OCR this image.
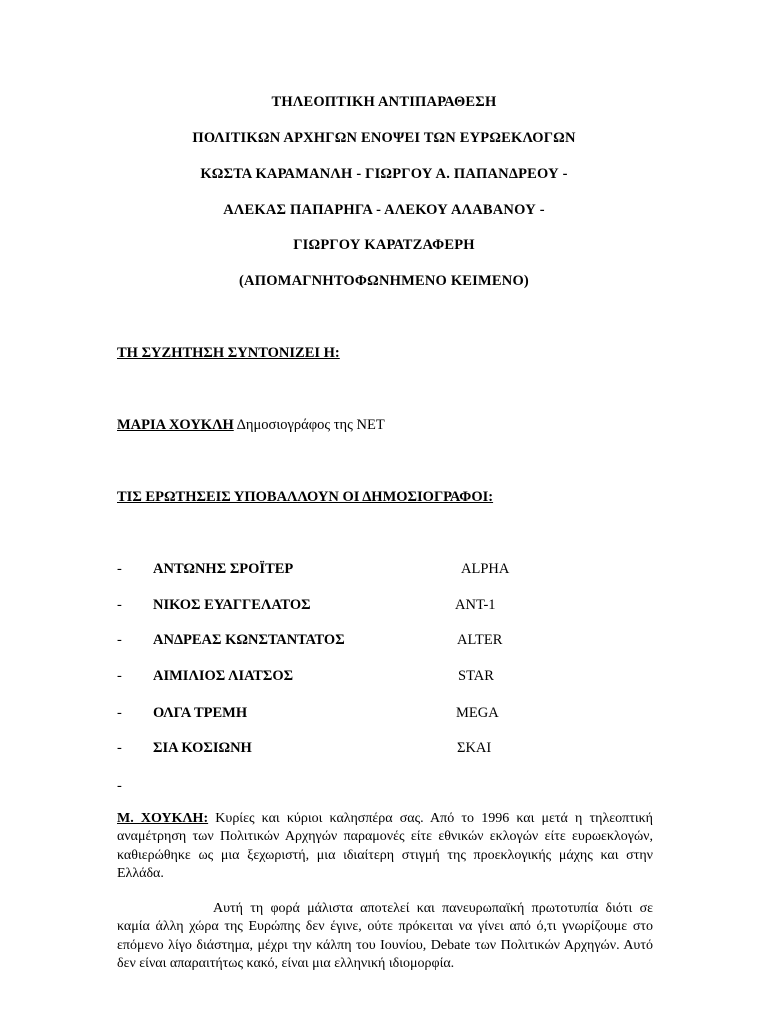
ΤΗΛΕΟΠΤΙΚΗ ΑΝΤΙΠΑΡΑΘΕΣΗ
ΠΟΛΙΤΙΚΩΝ ΑΡΧΗΓΩΝ ΕΝΟΨΕΙ ΤΩΝ ΕΥΡΩΕΚΛΟΓΩΝ
ΚΩΣΤΑ ΚΑΡΑΜΑΝΛΗ - ΓΙΩΡΓΟΥ Α. ΠΑΠΑΝΔΡΕΟΥ -
ΑΛΕΚΑΣ ΠΑΠΑΡΗΓΑ - ΑΛΕΚΟΥ ΑΛΑΒΑΝΟΥ -
ΓΙΩΡΓΟΥ ΚΑΡΑΤΖΑΦΕΡΗ
(ΑΠΟΜΑΓΝΗΤΟΦΩΝΗΜΕΝΟ ΚΕΙΜΕΝΟ)
ΤΗ ΣΥΖΗΤΗΣΗ ΣΥΝΤΟΝΙΖΕΙ Η:
ΜΑΡΙΑ ΧΟΥΚΛΗ Δημοσιογράφος της ΝΕΤ
ΤΙΣ ΕΡΩΤΗΣΕΙΣ ΥΠΟΒΑΛΛΟΥΝ ΟΙ ΔΗΜΟΣΙΟΓΡΑΦΟΙ:
- ΑΝΤΩΝΗΣ ΣΡΟΪΤΕΡ	ALPHA
- ΝΙΚΟΣ ΕΥΑΓΓΕΛΑΤΟΣ	ANT-1
- ΑΝΔΡΕΑΣ ΚΩΝΣΤΑΝΤΑΤΟΣ	ALTER
- ΑΙΜΙΛΙΟΣ ΛΙΑΤΣΟΣ	STAR
- ΟΛΓΑ ΤΡΕΜΗ	MEGA
- ΣΙΑ ΚΟΣΙΩΝΗ	ΣΚΑΙ
-
Μ. ΧΟΥΚΛΗ: Κυρίες και κύριοι καλησπέρα σας. Από το 1996 και μετά η τηλεοπτική αναμέτρηση των Πολιτικών Αρχηγών παραμονές είτε εθνικών εκλογών είτε ευρωεκλογών, καθιερώθηκε ως μια ξεχωριστή, μια ιδιαίτερη στιγμή της προεκλογικής μάχης και στην Ελλάδα.
Αυτή τη φορά μάλιστα αποτελεί και πανευρωπαϊκή πρωτοτυπία διότι σε καμία άλλη χώρα της Ευρώπης δεν έγινε, ούτε πρόκειται να γίνει από ό,τι γνωρίζουμε στο επόμενο λίγο διάστημα, μέχρι την κάλπη του Ιουνίου, Debate των Πολιτικών Αρχηγών. Αυτό δεν είναι απαραιτήτως κακό, είναι μια ελληνική ιδιομορφία.
